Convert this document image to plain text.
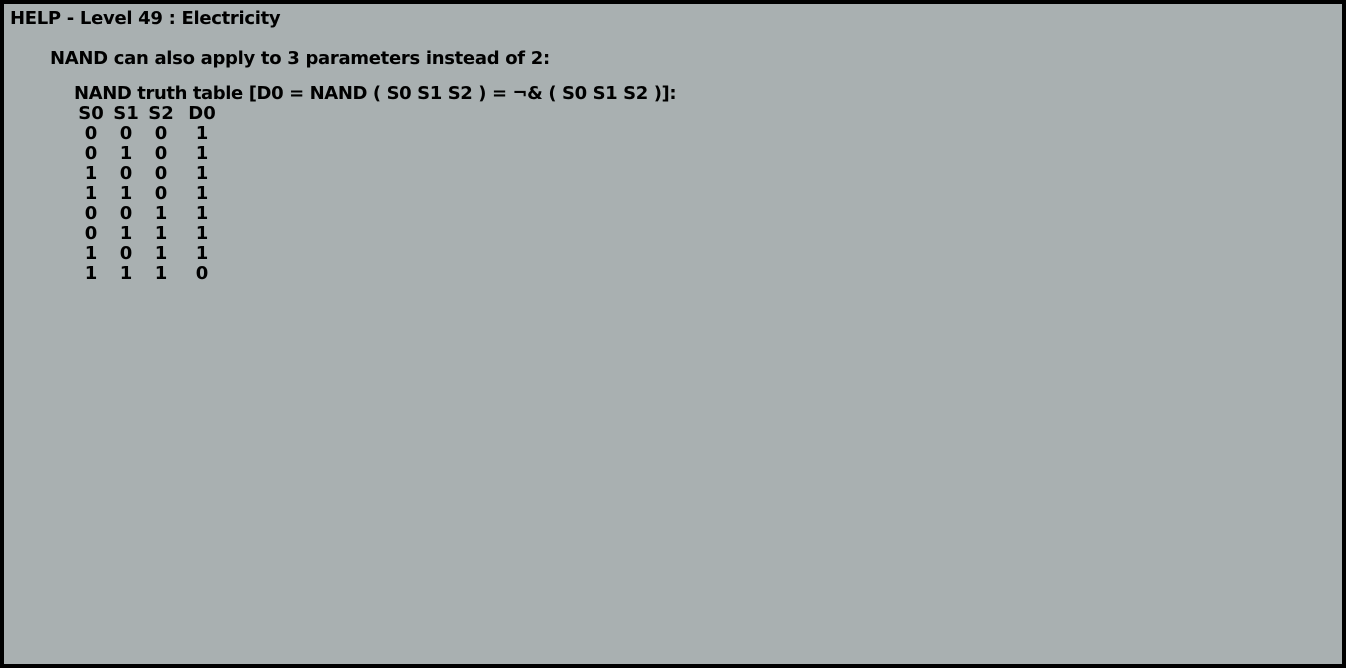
HELP - Level 49 : Electricity
NAND can also apply to 3 parameters instead of 2:
NAND truth table [D0 = NAND ( S0 S1 S2 ) = ¬& ( S0 S1 S2 )]:
S0 S1 S2 D0
0	0	0	1
0	1	0	1
1	0	0	1
1	1	0	1
0	0	1	1
0	1	1	1
1	0	1	1
1	1	1	0
